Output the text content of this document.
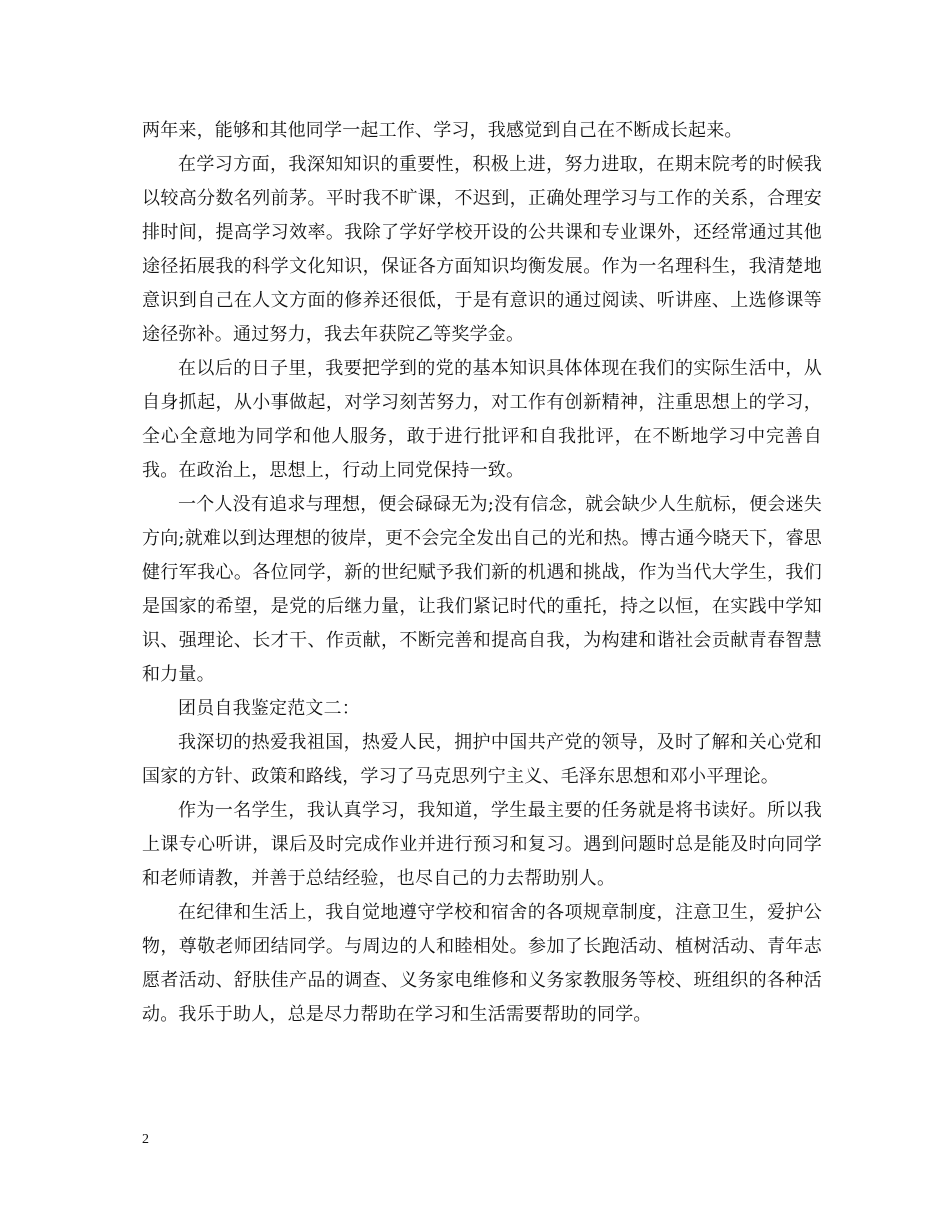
两年来，能够和其他同学一起工作、学习，我感觉到自己在不断成长起来。

在学习方面，我深知知识的重要性，积极上进，努力进取，在期末院考的时候我以较高分数名列前茅。平时我不旷课，不迟到，正确处理学习与工作的关系，合理安排时间，提高学习效率。我除了学好学校开设的公共课和专业课外，还经常通过其他途径拓展我的科学文化知识，保证各方面知识均衡发展。作为一名理科生，我清楚地意识到自己在人文方面的修养还很低，于是有意识的通过阅读、听讲座、上选修课等途径弥补。通过努力，我去年获院乙等奖学金。

在以后的日子里，我要把学到的党的基本知识具体体现在我们的实际生活中，从自身抓起，从小事做起，对学习刻苦努力，对工作有创新精神，注重思想上的学习，全心全意地为同学和他人服务，敢于进行批评和自我批评，在不断地学习中完善自我。在政治上，思想上，行动上同党保持一致。

一个人没有追求与理想，便会碌碌无为;没有信念，就会缺少人生航标，便会迷失方向;就难以到达理想的彼岸，更不会完全发出自己的光和热。博古通今晓天下，睿思健行军我心。各位同学，新的世纪赋予我们新的机遇和挑战，作为当代大学生，我们是国家的希望，是党的后继力量，让我们紧记时代的重托，持之以恒，在实践中学知识、强理论、长才干、作贡献，不断完善和提高自我，为构建和谐社会贡献青春智慧和力量。

团员自我鉴定范文二：

我深切的热爱我祖国，热爱人民，拥护中国共产党的领导，及时了解和关心党和国家的方针、政策和路线，学习了马克思列宁主义、毛泽东思想和邓小平理论。

作为一名学生，我认真学习，我知道，学生最主要的任务就是将书读好。所以我上课专心听讲，课后及时完成作业并进行预习和复习。遇到问题时总是能及时向同学和老师请教，并善于总结经验，也尽自己的力去帮助别人。

在纪律和生活上，我自觉地遵守学校和宿舍的各项规章制度，注意卫生，爱护公物，尊敬老师团结同学。与周边的人和睦相处。参加了长跑活动、植树活动、青年志愿者活动、舒肤佳产品的调查、义务家电维修和义务家教服务等校、班组织的各种活动。我乐于助人，总是尽力帮助在学习和生活需要帮助的同学。

2
